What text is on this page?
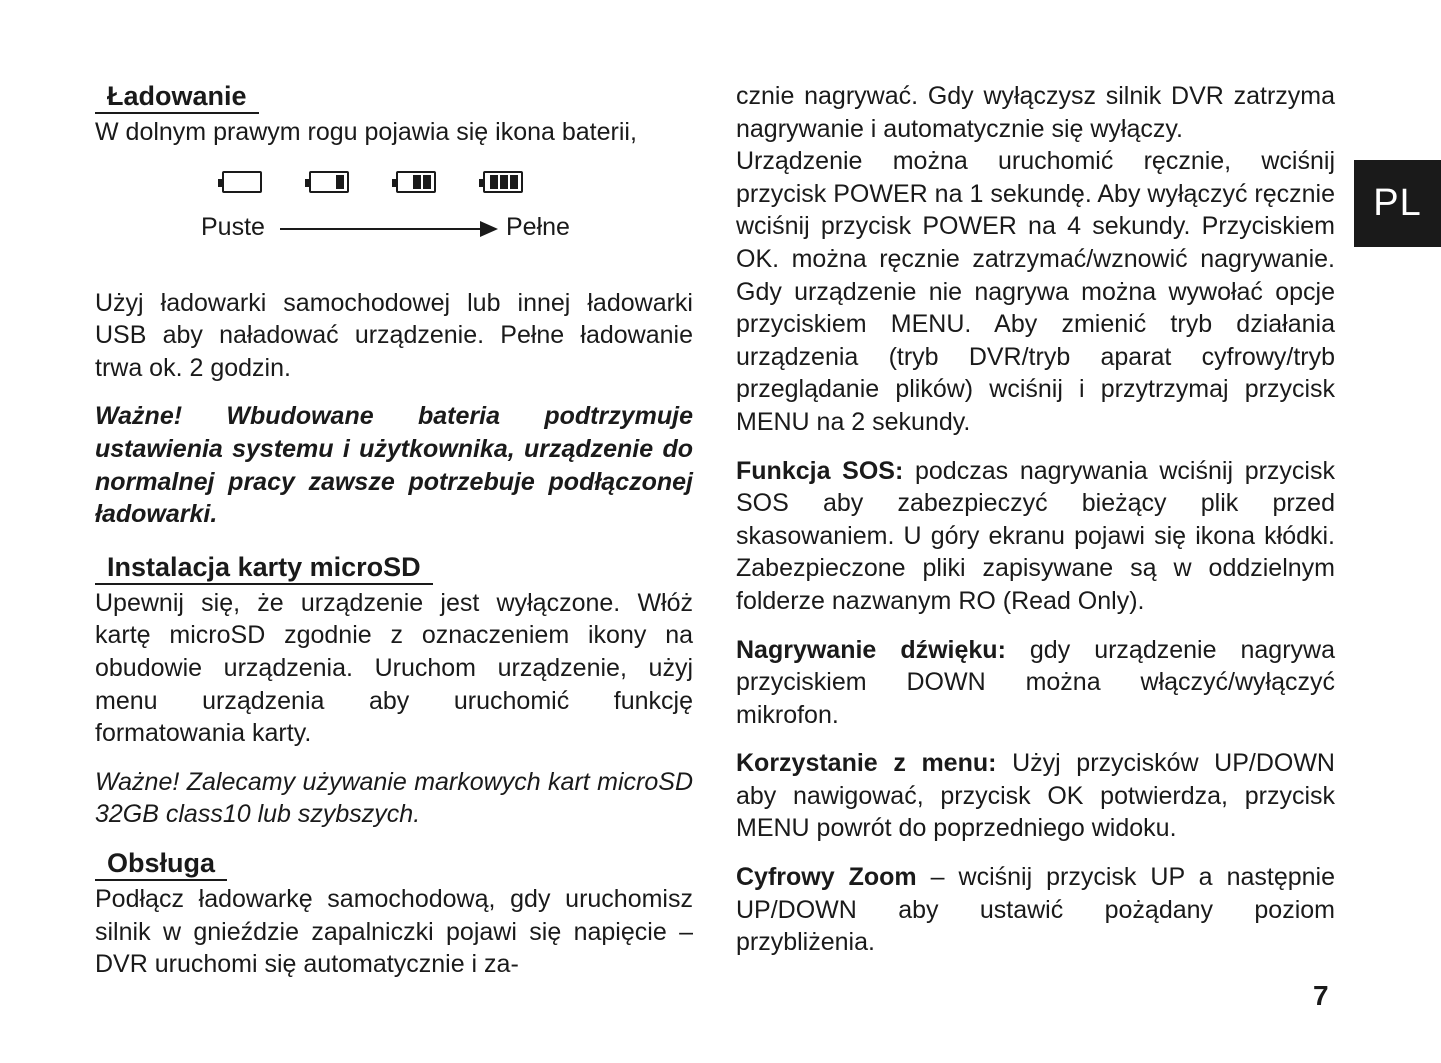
Ładowanie

W dolnym prawym rogu pojawia się ikona baterii,

Puste	Pełne

Użyj ładowarki samochodowej lub innej ładowarki USB aby naładować urządzenie. Pełne ładowanie trwa ok. 2 godzin.

Ważne! Wbudowane bateria podtrzymuje ustawienia systemu i użytkownika, urządzenie do normalnej pracy zawsze potrzebuje podłączonej ładowarki.

Instalacja karty microSD

Upewnij się, że urządzenie jest wyłączone. Włóż kartę microSD zgodnie z oznaczeniem ikony na obudowie urządzenia. Uruchom urządzenie, użyj menu urządzenia aby uruchomić funkcję formatowania karty.

Ważne! Zalecamy używanie markowych kart microSD 32GB class10 lub szybszych.

Obsługa

Podłącz ładowarkę samochodową, gdy uruchomisz silnik w gnieździe zapalniczki pojawi się napięcie – DVR uruchomi się automatycznie i za-

cznie nagrywać. Gdy wyłączysz silnik DVR zatrzyma nagrywanie i automatycznie się wyłączy.

Urządzenie można uruchomić ręcznie, wciśnij przycisk POWER na 1 sekundę. Aby wyłączyć ręcznie wciśnij przycisk POWER na 4 sekundy. Przyciskiem OK. można ręcznie zatrzymać/wznowić nagrywanie. Gdy urządzenie nie nagrywa można wywołać opcje przyciskiem MENU. Aby zmienić tryb działania urządzenia (tryb DVR/tryb aparat cyfrowy/tryb przeglądanie plików) wciśnij i przytrzymaj przycisk MENU na 2 sekundy.

Funkcja SOS: podczas nagrywania wciśnij przycisk SOS aby zabezpieczyć bieżący plik przed skasowaniem. U góry ekranu pojawi się ikona kłódki. Zabezpieczone pliki zapisywane są w oddzielnym folderze nazwanym RO (Read Only).

Nagrywanie dźwięku: gdy urządzenie nagrywa przyciskiem DOWN można włączyć/wyłączyć mikrofon.

Korzystanie z menu: Użyj przycisków UP/DOWN aby nawigować, przycisk OK potwierdza, przycisk MENU powrót do poprzedniego widoku.

Cyfrowy Zoom – wciśnij przycisk UP a następnie UP/DOWN aby ustawić pożądany poziom przybliżenia.

PL
7
